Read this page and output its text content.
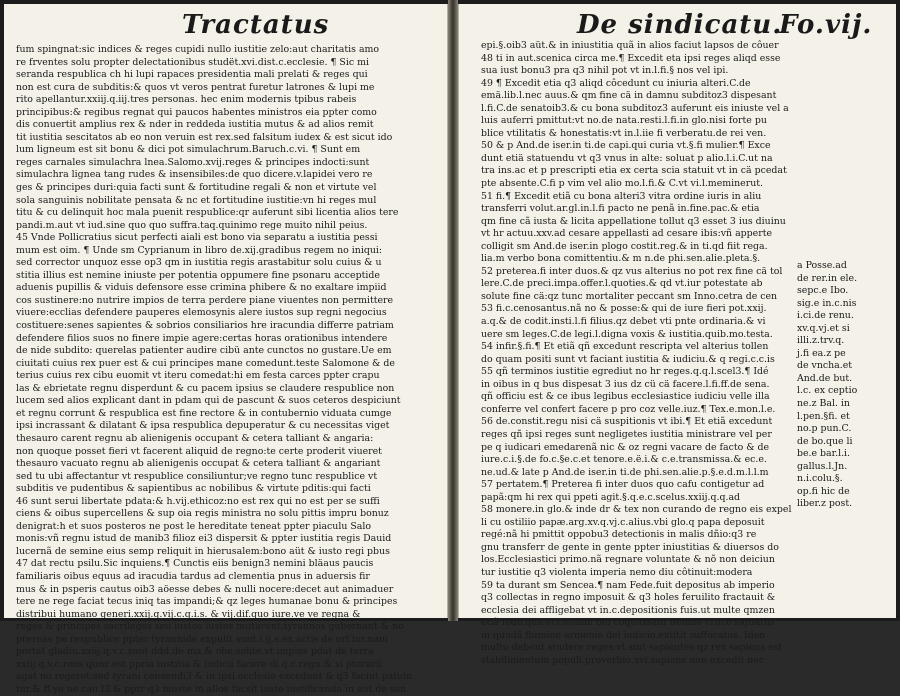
Tractatus
fum spingnat:sic indices & reges cupidi nullo iustitie zelo:aut charitatis amo
re frventes solu propter delectationibus studët.xvi.dist.c.ecclesie. ¶ Sic mi
seranda respublica ch hi lupi rapaces presidentia mali prelati & reges qui
non est cura de subditis:& quos vt veros pentrat furetur latrones & lupi me
rito apellantur.xxiij.q.iij.tres personas. hec enim modernis tpibus rabeis
principibus:& regibus regnat qui paucos habentes ministros eia ppter como
dis conuertit amplius rex & nder in reddeda iustitia mutus & ad alios remit
tit iustitia sescitatos ab eo non veruin est rex.sed falsitum iudex & est sicut ido
lum ligneum est sit bonu & dici pot simulachrum.Baruch.c.vi. ¶ Sunt em
reges carnales simulachra lnea.Salomo.xvij.reges & principes indocti:sunt
simulachra lignea tang rudes & insensibiles:de quo dicere.v.lapidei vero re
ges & principes duri:quia facti sunt & fortitudine regali & non et virtute vel
sola sanguinis nobilitate pensata & nc et fortitudine iustitie:vn hi reges mul
titu & cu delinquit hoc mala puenit respublice:qr auferunt sibi licentia alios tere
pandi.m.aut vt iud.sine quo quo suffra.taq.quinimo rege muito nihil peius.
45 Vnde Pollicratius sicut perfecti aiali est bono via separatu a iustitia pessi
mum est oim. ¶ Unde sm Cyprianum in libro de.xij.gradibus regem no iniqui:
sed corrector unquoz esse op3 qm in iustitia regis arastabitur solu cuius & u
stitia illius est nemine iniuste per potentia oppumere fine psonaru acceptide
aduenis pupillis & viduis defensore esse crimina phibere & no exaltare impiid
cos sustinere:no nutrire impios de terra perdere piane viuentes non permittere
viuere:ecclias defendere pauperes elemosynis alere iustos sup regni negocius
costituere:senes sapientes & sobrios consiliarios hre iracundia differre patriam
defendere filios suos no finere impie agere:certas horas orationibus intendere
de nide subdito: querelas patienter audire cibü ante cunctos no gustare.Ue em
ciuitati cuius rex puer est & cui principes mane comedunt.teste Salomone & de
terius cuius rex cibu euomit vt iteru comedat:hi em festa carces ppter crapu
las & ebrietate regnu disperdunt & cu pacem ipsius se claudere respublice non
lucem sed alios explicant dant in pdam qui de pascunt & suos ceteros despiciunt
et regnu corrunt & respublica est fine rectore & in contubernio viduata cumge
ipsi incrassant & dilatant & ipsa respublica depuperatur & cu necessitas viget
thesauro carent regnu ab alienigenis occupant & cetera talliant & angaria:
non quoque posset fieri vt facerent aliquid de regno:te certe proderit viueret
thesauro vacuato regnu ab alienigenis occupat & cetera talliant & angariant
sed tu ubi affectantur vt respublice consiliuntur;ve regno tunc respublice vt
subditis ve pudentibus & sapientibus ac nobilibus & virtute pditis:qui facti
46 sunt serui libertate pdata:& h.vij.ethicoz:no est rex qui no est per se suffi
ciens & oibus supercellens & sup oia regis ministra no solu pittis impru bonuz
denigrat:h et suos posteros ne post le hereditate teneat ppter piaculu Salo
monis:vñ regnu istud de manib3 filioz ei3 dispersit & ppter iustitia regis Dauid
lucernã de semine eius semp reliquit in hierusalem:bono aüt & iusto regi pbus
47 dat rectu psilu.Sic inquiens.¶ Cunctis eiis benign3 nemini bläaus paucis
familiaris oibus equus ad iracudia tardus ad clementia pnus in aduersis fir
mus & in psperis cautus oib3 aöesse debes & nulli nocere:decet aut animaduer
tere ne rege faciat tecus iniq tas impandi;& qz leges humanae bonu & principes
distribui humano generi.xxij.q.vij.c.q.i.s. & vij.dif.quo iure.ve ve regna &
reges & principes sacrilegos seu iustos iustos mutarent:tyrannos gubernant & no
prereas pe respublice ppter tyrannidé expulit sunt.l.ij.s.ex.actis de orl.iur.nam
portat gladiu.xxiij.q.v.c.sunt ddd.de ma.& obe.solite.vt impios pdat de terra
xxiij.q.v.c.reos quoz est ppria iustitia & iudicii facere di.q.c.regu.& si pterarii
agat no regeret:sed tyrani censendi3 & in ipsi ecclesie excedunt & q3 faciut patuin
tur.& ff.ye ne.cau.l3 & pptr q3 muste in alios facsit iuste iustificanda.in aut.de san.
De sindicatu.
Fo.vij.
epi.§.oib3 aüt.& in iniustitia quã in alios faciut lapsos de côuer
48 ti in aut.scenica circa me.¶ Excedit eta ipsi reges aliqd esse
sua iust bonu3 pra q3 nihil pot vt in.l.fi.§ nos vel ipi.
49 ¶ Excedit etia q3 aliqd côcedunt cu iniuria alteri.C.de
emä.lib.l.nec auus.& qm fine cä in damnu subditoz3 dispesant
l.fi.C.de senatoib3.& cu bona subditoz3 auferunt eis iniuste vel a
luis auferri pmittut:vt no.de nata.resti.l.fi.in glo.nisi forte pu
blice vtilitatis & honestatis:vt in.l.iie fi verberatu.de rei ven.
50 & p And.de iser.in ti.de capi.qui curia vt.§.fi mulier.¶ Exce
dunt etiä statuendu vt q3 vnus in alte: soluat p alio.l.i.C.ut na
tra ins.ac et p prescripti etia ex certa scia statuit vt in cä pcedat
pte absente.C.fi p vim vel alio mo.l.fi.& C.vt vi.l.meminerut.
51 fi.¶ Excedit etiã cu bona alteri3 vitra ordine iuris in aliu
transferri volut.ar.gl.in.l.fi pacto ne penã in.fine.pac.& etia
qm fine cã iusta & licita appellatione tollut q3 esset 3 ius diuinu
vt hr actuu.xxv.ad cesare appellasti ad cesare ibis:vñ apperte
colligit sm And.de iser.in plogo costit.reg.& in ti.qd fiit rega.
lia.m verbo bona comittentiu.& m n.de phi.sen.alie.pleta.§.
52 preterea.fi inter duos.& qz vus alterius no pot rex fine cä tol
lere.C.de preci.impa.offer.l.quoties.& qd vt.iur potestate ab
solute fine cä:qz tunc mortaliter peccant sm Inno.cetra de cen
53 fi.c.cenosantus.nã no & posse:& qui de iure fieri pot.xxij.
a.q.& de codit.insti.l.fi filius.qz debet vti pnte ordinaria.& vi
uere sm leges.C.de legi.l.digna voxis & iustitia.quib.mo.testa.
54 infir.§.fi.¶ Et etiã qñ excedunt rescripta vel alterius tollen
do quam positi sunt vt faciant iustitia & iudiciu.& q regi.c.c.is
55 qñ terminos iustitie egrediut no hr reges.q.q.l.scel3.¶ Idé
in oibus in q bus dispesat 3 ius dz cü cä facere.l.fi.ff.de sena.
qñ officiu est & ce ibus legibus ecclesiastice iudiciu velle illa
conferre vel confert facere p pro coz velle.iuz.¶ Tex.e.mon.l.e.
56 de.constit.regu nisi cä suspitionis vt ibi.¶ Et etiã excedunt
reges qñ ipsi reges sunt negligetes iustitia ministrare vel per
pe q iudicari emedarenã nic & oz regni vacare de facto & de
iure.c.i.§.de fo.c.§e.c.et tenore.e.ë.i.& c.e.transmissa.& ec.e.
ne.ud.& late p And.de iser.in ti.de phi.sen.alie.p.§.e.d.m.l.l.m
57 pertatem.¶ Preterea fi inter duos quo cafu contigetur ad
papã:qm hi rex qui ppeti agit.§.q.e.c.scelus.xxiij.q.q.ad
58 monere.in glo.& inde dr & tex non curando de regno eis expel
li cu ostiliio papæ.arg.xv.q.vj.c.alius.vbi glo.q papa deposuit
regé:nã hi pmittit oppobu3 detectionis in malis dñio:q3 re
gnu transferr de gente in gente ppter iniustitias & diuersos do
los.Ecclesiastici primo.nã regnare voluntate & nõ non deiciun
tur iustitie q3 violenta imperia nemo diu côtinuit:modera
59 ta durant sm Sencea.¶ nam Fede.fuit depositus ab imperio
q3 collectas in regno imposuit & q3 holes feruilito fractauit &
ecclesia dei affligebat vt in.c.depositionis fuis.ut multe qmzen
etiã fede.qua ecclesiam dei coquassant deinde cruce signatus
in quodã flumine armenie dei iudicio.extitit suffocatus. Ideo
multu debent studere reges:vt sint sapientes qz rex sapiens est
stabilimentum populi.proverbio.xvi.sapiens non excedit nec
a Posse.ad
de rer.in ele.
sepc.e Ibo.
sig.e in.c.nis
i.ci.de renu.
xv.q.vj.et si
illi.z.trv.q.
j.fi ea.z pe
de vncha.et
And.de but.
l.c. ex ceptio
ne.z Bal. in
l.pen.§fi. et
no.p pun.C.
de bo.que li
be.e bar.l.i.
gallus.l.Jn.
n.i.colu.§.
op.fi hic de
liber.z post.
